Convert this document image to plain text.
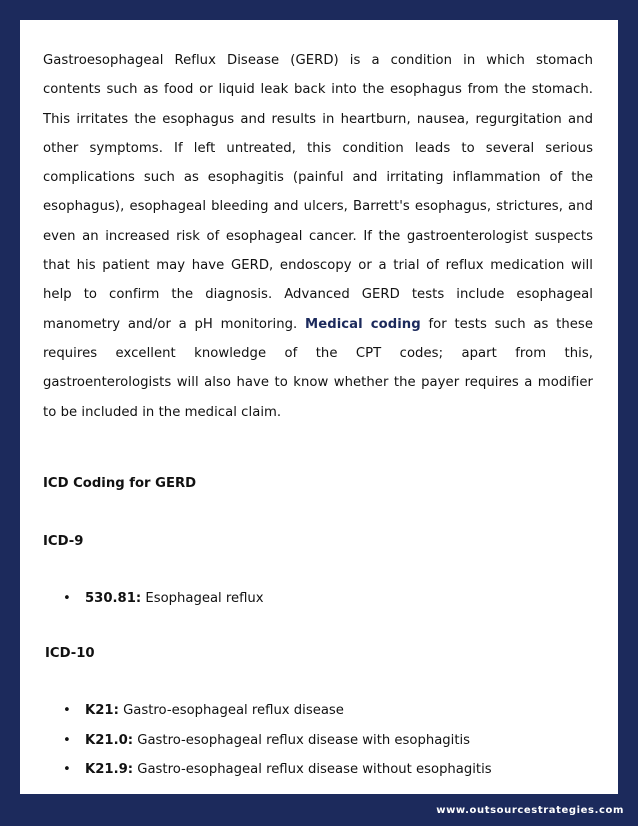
Gastroesophageal Reflux Disease (GERD) is a condition in which stomach contents such as food or liquid leak back into the esophagus from the stomach. This irritates the esophagus and results in heartburn, nausea, regurgitation and other symptoms. If left untreated, this condition leads to several serious complications such as esophagitis (painful and irritating inflammation of the esophagus), esophageal bleeding and ulcers, Barrett's esophagus, strictures, and even an increased risk of esophageal cancer. If the gastroenterologist suspects that his patient may have GERD, endoscopy or a trial of reflux medication will help to confirm the diagnosis. Advanced GERD tests include esophageal manometry and/or a pH monitoring. Medical coding for tests such as these requires excellent knowledge of the CPT codes; apart from this, gastroenterologists will also have to know whether the payer requires a modifier to be included in the medical claim.

ICD Coding for GERD

ICD-9

• 530.81: Esophageal reflux

ICD-10

• K21: Gastro-esophageal reflux disease
• K21.0: Gastro-esophageal reflux disease with esophagitis
• K21.9: Gastro-esophageal reflux disease without esophagitis
www.outsourcestrategies.com
